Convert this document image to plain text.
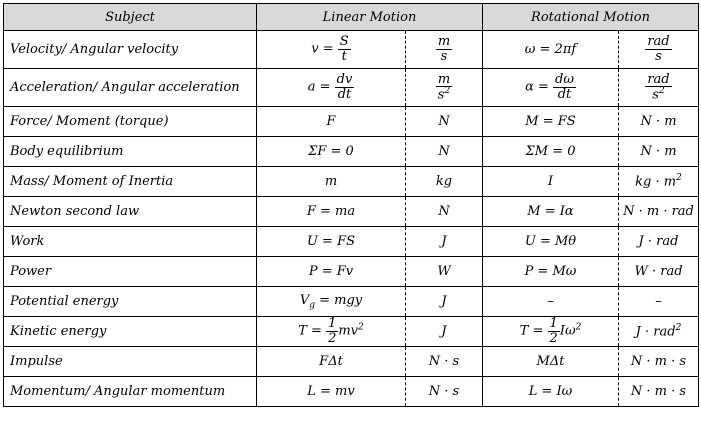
Subject	Linear Motion		Rotational Motion	
Velocity/ Angular velocity	$v = \frac{S}{t}$	$\frac{m}{s}$	ω = 2πf	$\frac{\text{rad}}{s}$

Acceleration/ Angular acceleration	$a = \frac{dv}{dt}$	$\frac{m}{s^2}$	$\alpha = \frac{d\omega}{dt}$	$\frac{\text{rad}}{s^2}$

Force/ Moment (torque)	F	N	M = FS	N · m
Body equilibrium	ΣF = 0	N	ΣM = 0	N · m
Mass/ Moment of Inertia	m	kg	I	kg · $m^2$
Newton second law	F = ma	N	M = Iα	N · m · rad
Work	U = FS	J	U = Mθ	J · rad
Power	P = Fv	W	P = Mω	W · rad
Potential energy	$V_g$ = mgy	J	–	–
Kinetic energy	$T = \frac{1}{2} mv^2$	J	$T = \frac{1}{2} I\omega^2$	J · rad$^2$
Impulse	FΔt	N · s	MΔt	N · m · s
Momentum/ Angular momentum	L = mv	N · s	L = Iω	N · m · s
